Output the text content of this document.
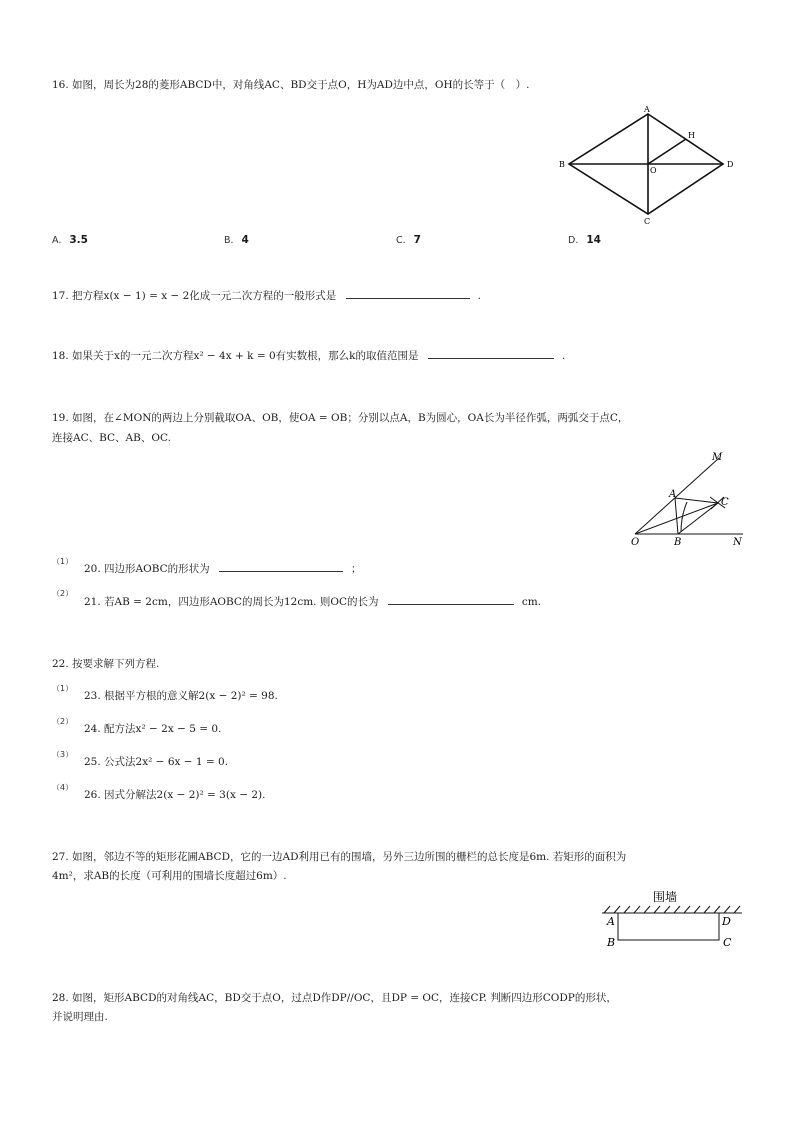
16. 如图，周长为28的菱形ABCD中，对角线AC、BD交于点O，H为AD边中点，OH的长等于（　）.
A
B
C
D
O
H
A. 3.5	B. 4	C. 7	D. 14
17. 把方程x(x − 1) = x − 2化成一元二次方程的一般形式是	.
18. 如果关于x的一元二次方程x² − 4x + k = 0有实数根，那么k的取值范围是	.
19. 如图，在∠MON的两边上分别截取OA、OB，使OA = OB；分别以点A，B为圆心，OA长为半径作弧，两弧交于点C，
连接AC、BC、AB、OC.
M
A
C
O	B	N
（1）
20. 四边形AOBC的形状为	；
（2）
21. 若AB = 2cm，四边形AOBC的周长为12cm. 则OC的长为	cm.
22. 按要求解下列方程.
（1）
23. 根据平方根的意义解2(x − 2)² = 98.
（2）
24. 配方法x² − 2x − 5 = 0.
（3）
25. 公式法2x² − 6x − 1 = 0.
（4）
26. 因式分解法2(x − 2)² = 3(x − 2).
27. 如图，邻边不等的矩形花圃ABCD，它的一边AD利用已有的围墙，另外三边所围的栅栏的总长度是6m. 若矩形的面积为
4m²，求AB的长度（可利用的围墙长度超过6m）.
围墙
A	D
B	C
28. 如图，矩形ABCD的对角线AC，BD交于点O，过点D作DP//OC，且DP = OC，连接CP. 判断四边形CODP的形状，
并说明理由.
